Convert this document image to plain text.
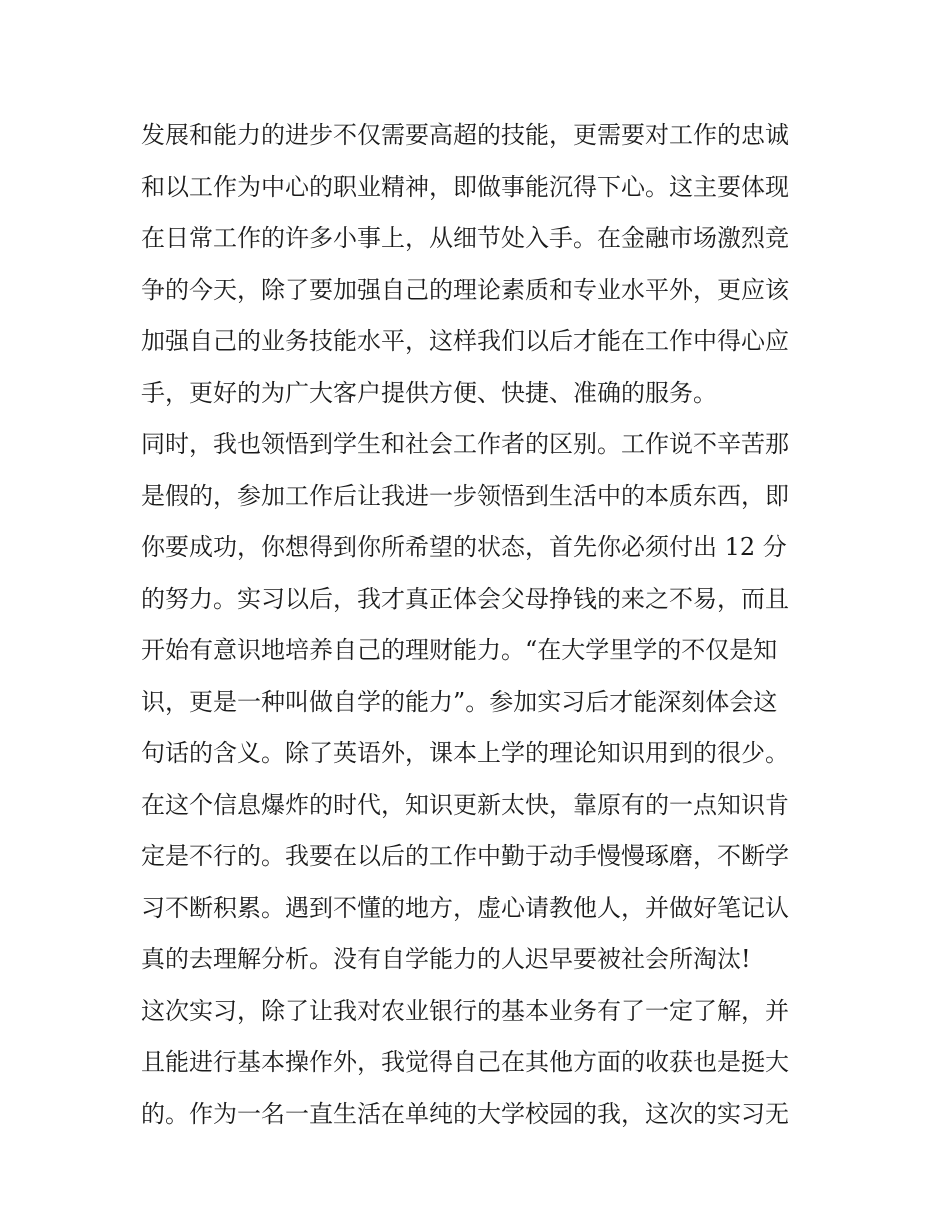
发展和能力的进步不仅需要高超的技能，更需要对工作的忠诚
和以工作为中心的职业精神，即做事能沉得下心。这主要体现
在日常工作的许多小事上，从细节处入手。在金融市场激烈竞
争的今天，除了要加强自己的理论素质和专业水平外，更应该
加强自己的业务技能水平，这样我们以后才能在工作中得心应
手，更好的为广大客户提供方便、快捷、准确的服务。
同时，我也领悟到学生和社会工作者的区别。工作说不辛苦那
是假的，参加工作后让我进一步领悟到生活中的本质东西，即
你要成功，你想得到你所希望的状态，首先你必须付出 12 分
的努力。实习以后，我才真正体会父母挣钱的来之不易，而且
开始有意识地培养自己的理财能力。“在大学里学的不仅是知
识，更是一种叫做自学的能力”。参加实习后才能深刻体会这
句话的含义。除了英语外，课本上学的理论知识用到的很少。
在这个信息爆炸的时代，知识更新太快，靠原有的一点知识肯
定是不行的。我要在以后的工作中勤于动手慢慢琢磨，不断学
习不断积累。遇到不懂的地方，虚心请教他人，并做好笔记认
真的去理解分析。没有自学能力的人迟早要被社会所淘汰!
这次实习，除了让我对农业银行的基本业务有了一定了解，并
且能进行基本操作外，我觉得自己在其他方面的收获也是挺大
的。作为一名一直生活在单纯的大学校园的我，这次的实习无
